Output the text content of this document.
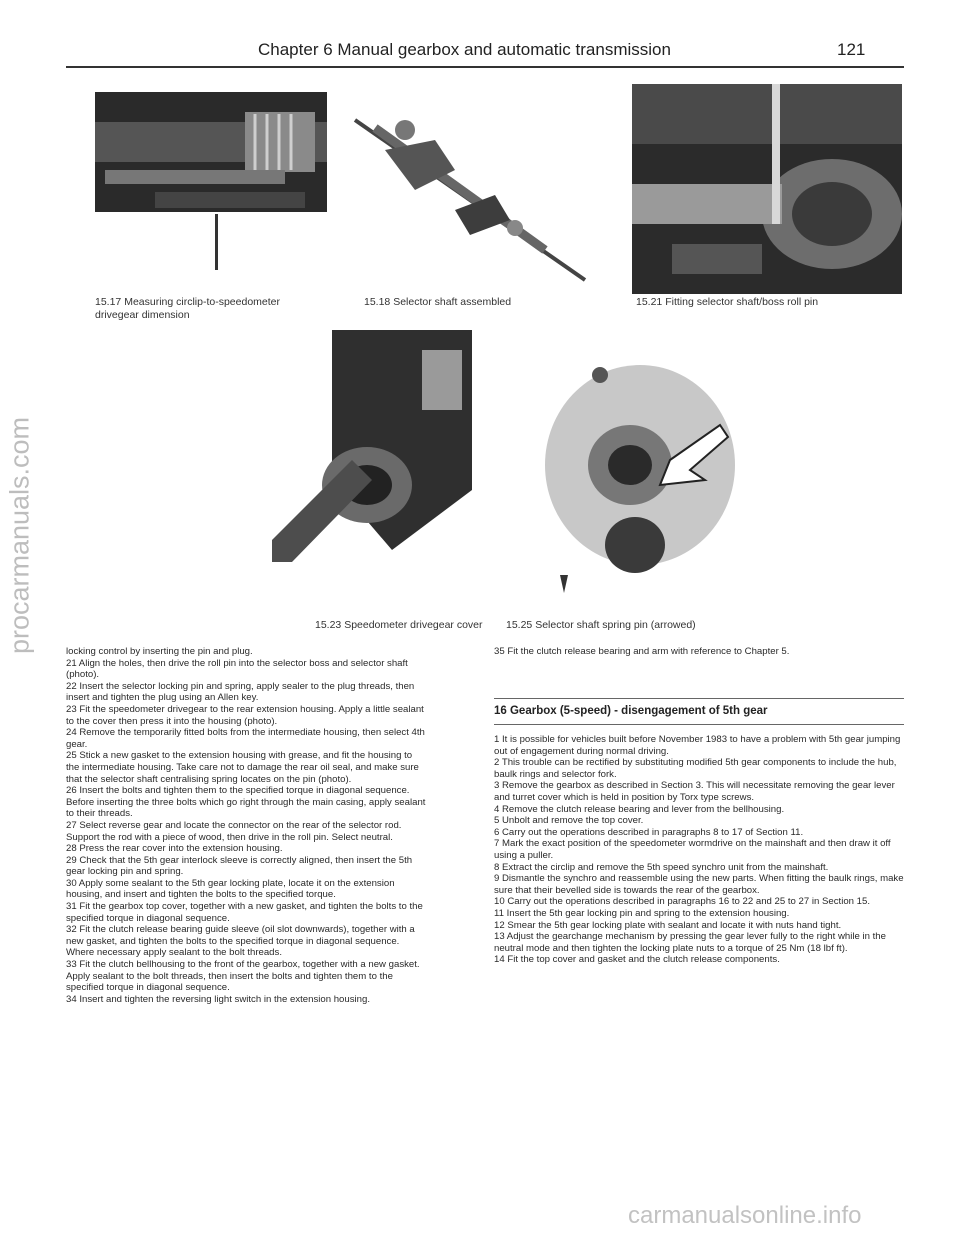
Chapter 6 Manual gearbox and automatic transmission	121
15.17 Measuring circlip-to-speedometer drivegear dimension
15.18 Selector shaft assembled	15.21 Fitting selector shaft/boss roll pin
15.23 Speedometer drivegear cover	15.25 Selector shaft spring pin (arrowed)

locking control by inserting the pin and plug.

21 Align the holes, then drive the roll pin into the selector boss and selector shaft (photo).

22 Insert the selector locking pin and spring, apply sealer to the plug threads, then insert and tighten the plug using an Allen key.

23 Fit the speedometer drivegear to the rear extension housing. Apply a little sealant to the cover then press it into the housing (photo).

24 Remove the temporarily fitted bolts from the intermediate housing, then select 4th gear.

25 Stick a new gasket to the extension housing with grease, and fit the housing to the intermediate housing. Take care not to damage the rear oil seal, and make sure that the selector shaft centralising spring locates on the pin (photo).

26 Insert the bolts and tighten them to the specified torque in diagonal sequence. Before inserting the three bolts which go right through the main casing, apply sealant to their threads.

27 Select reverse gear and locate the connector on the rear of the selector rod. Support the rod with a piece of wood, then drive in the roll pin. Select neutral.

28 Press the rear cover into the extension housing.

29 Check that the 5th gear interlock sleeve is correctly aligned, then insert the 5th gear locking pin and spring.

30 Apply some sealant to the 5th gear locking plate, locate it on the extension housing, and insert and tighten the bolts to the specified torque.

31 Fit the gearbox top cover, together with a new gasket, and tighten the bolts to the specified torque in diagonal sequence.

32 Fit the clutch release bearing guide sleeve (oil slot downwards), together with a new gasket, and tighten the bolts to the specified torque in diagonal sequence. Where necessary apply sealant to the bolt threads.

33 Fit the clutch bellhousing to the front of the gearbox, together with a new gasket. Apply sealant to the bolt threads, then insert the bolts and tighten them to the specified torque in diagonal sequence.

34 Insert and tighten the reversing light switch in the extension housing.

35 Fit the clutch release bearing and arm with reference to Chapter 5.

16 Gearbox (5-speed) - disengagement of 5th gear

1 It is possible for vehicles built before November 1983 to have a problem with 5th gear jumping out of engagement during normal driving.

2 This trouble can be rectified by substituting modified 5th gear components to include the hub, baulk rings and selector fork.

3 Remove the gearbox as described in Section 3. This will necessitate removing the gear lever and turret cover which is held in position by Torx type screws.

4 Remove the clutch release bearing and lever from the bellhousing.

5 Unbolt and remove the top cover.

6 Carry out the operations described in paragraphs 8 to 17 of Section 11.

7 Mark the exact position of the speedometer wormdrive on the mainshaft and then draw it off using a puller.

8 Extract the circlip and remove the 5th speed synchro unit from the mainshaft.

9 Dismantle the synchro and reassemble using the new parts. When fitting the baulk rings, make sure that their bevelled side is towards the rear of the gearbox.

10 Carry out the operations described in paragraphs 16 to 22 and 25 to 27 in Section 15.

11 Insert the 5th gear locking pin and spring to the extension housing.

12 Smear the 5th gear locking plate with sealant and locate it with nuts hand tight.

13 Adjust the gearchange mechanism by pressing the gear lever fully to the right while in the neutral mode and then tighten the locking plate nuts to a torque of 25 Nm (18 lbf ft).

14 Fit the top cover and gasket and the clutch release components.

procarmanuals.com
carmanualsonline.info
